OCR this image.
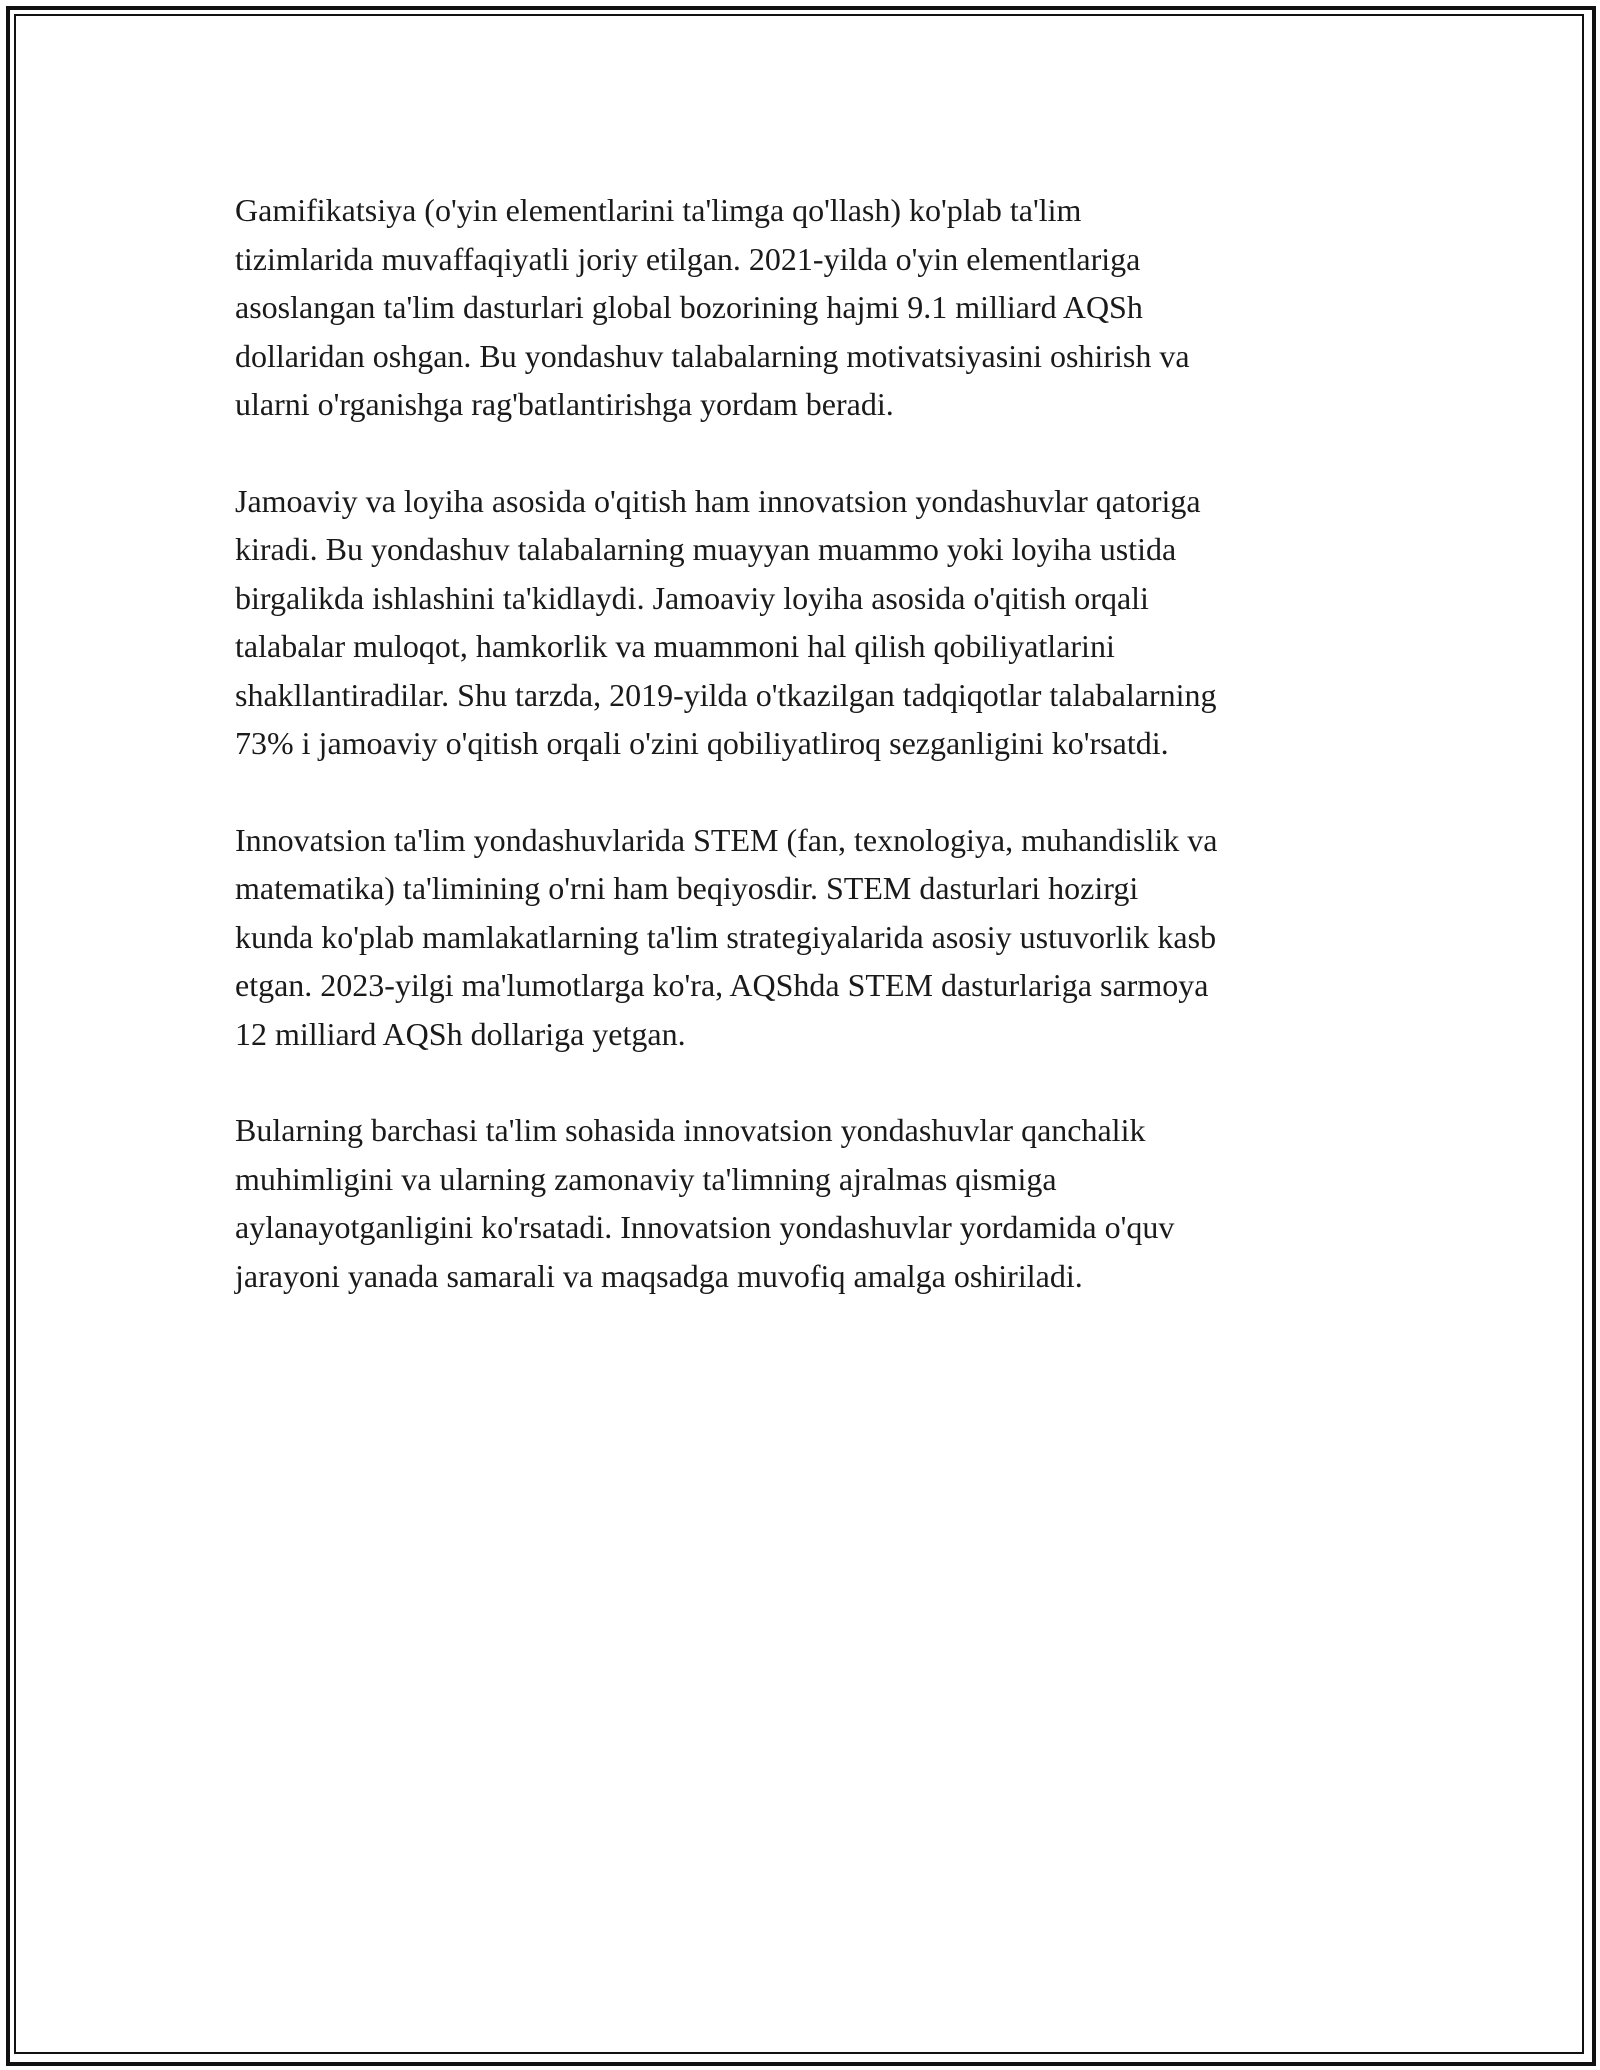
Gamifikatsiya (o'yin elementlarini ta'limga qo'llash) ko'plab ta'lim
tizimlarida muvaffaqiyatli joriy etilgan. 2021-yilda o'yin elementlariga
asoslangan ta'lim dasturlari global bozorining hajmi 9.1 milliard AQSh
dollaridan oshgan. Bu yondashuv talabalarning motivatsiyasini oshirish va
ularni o'rganishga rag'batlantirishga yordam beradi.

Jamoaviy va loyiha asosida o'qitish ham innovatsion yondashuvlar qatoriga
kiradi. Bu yondashuv talabalarning muayyan muammo yoki loyiha ustida
birgalikda ishlashini ta'kidlaydi. Jamoaviy loyiha asosida o'qitish orqali
talabalar muloqot, hamkorlik va muammoni hal qilish qobiliyatlarini
shakllantiradilar. Shu tarzda, 2019-yilda o'tkazilgan tadqiqotlar talabalarning
73% i jamoaviy o'qitish orqali o'zini qobiliyatliroq sezganligini ko'rsatdi.

Innovatsion ta'lim yondashuvlarida STEM (fan, texnologiya, muhandislik va
matematika) ta'limining o'rni ham beqiyosdir. STEM dasturlari hozirgi
kunda ko'plab mamlakatlarning ta'lim strategiyalarida asosiy ustuvorlik kasb
etgan. 2023-yilgi ma'lumotlarga ko'ra, AQShda STEM dasturlariga sarmoya
12 milliard AQSh dollariga yetgan.

Bularning barchasi ta'lim sohasida innovatsion yondashuvlar qanchalik
muhimligini va ularning zamonaviy ta'limning ajralmas qismiga
aylanayotganligini ko'rsatadi. Innovatsion yondashuvlar yordamida o'quv
jarayoni yanada samarali va maqsadga muvofiq amalga oshiriladi.
